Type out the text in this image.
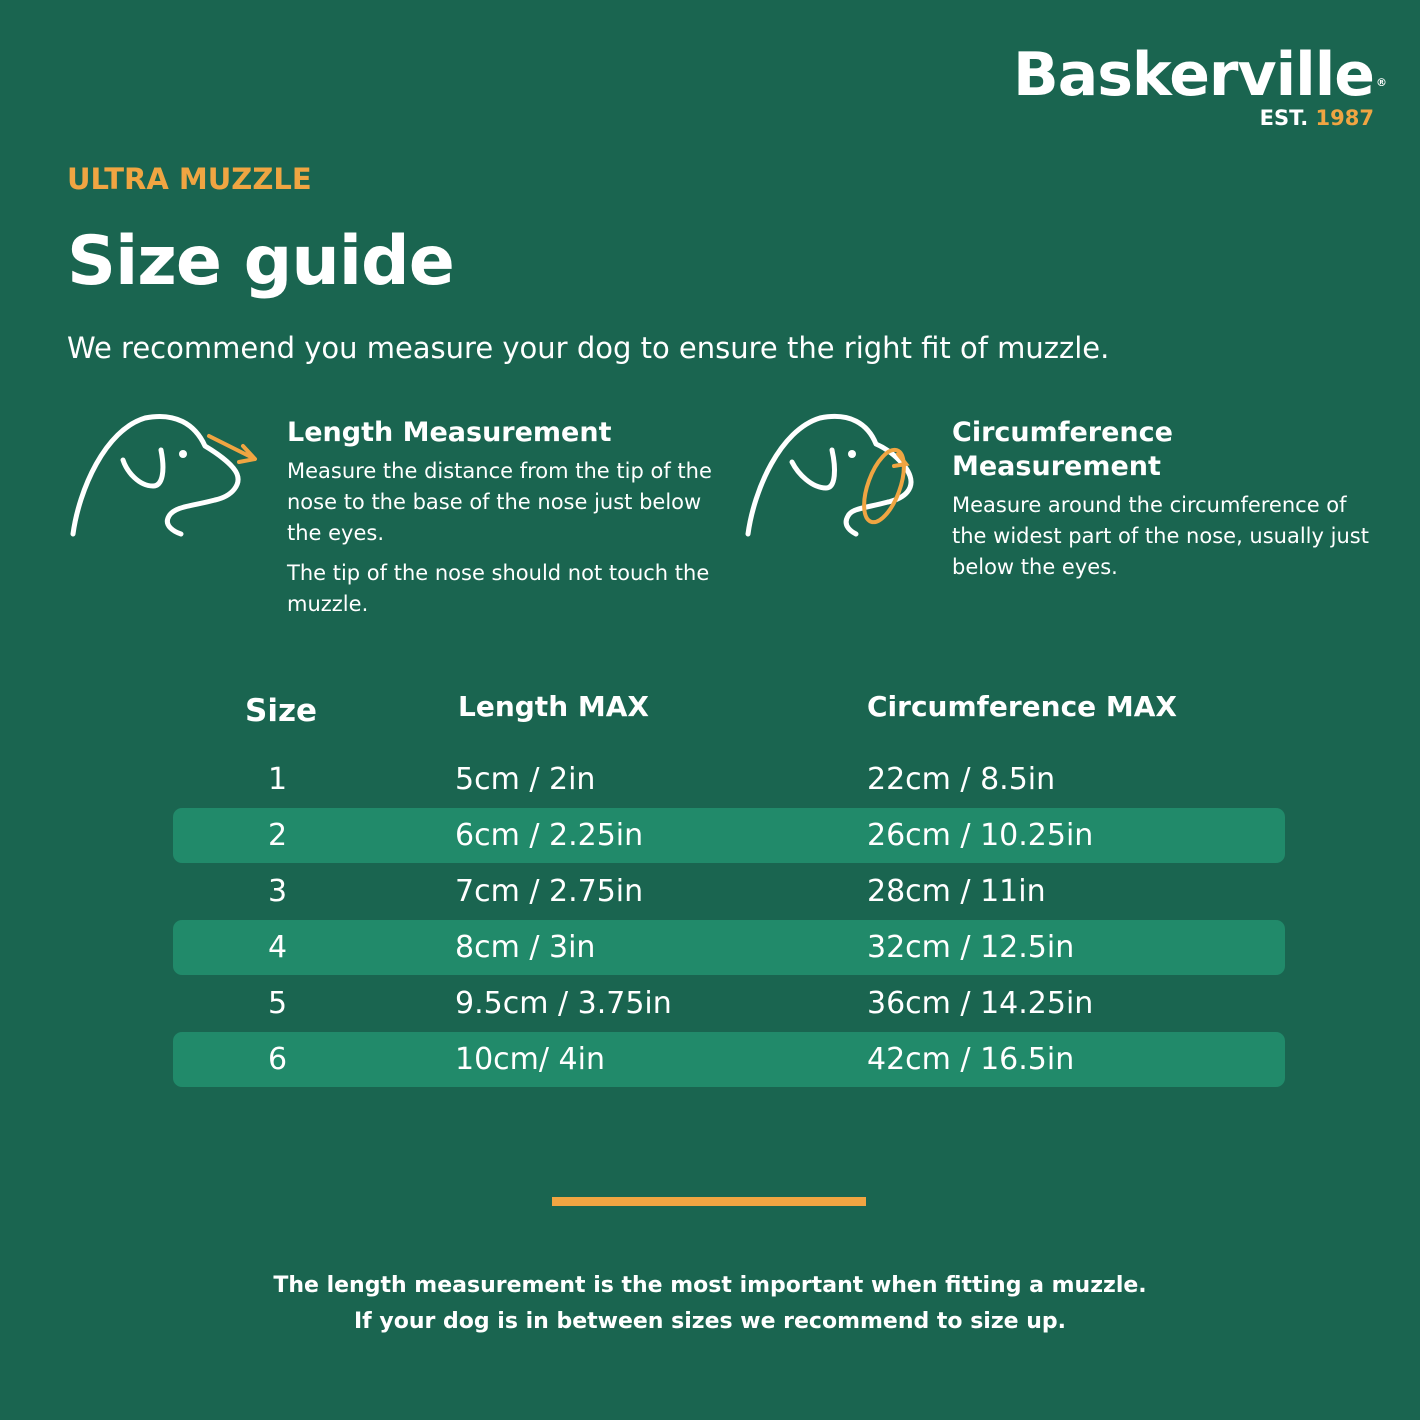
Baskerville ®
EST. 1987
ULTRA MUZZLE
Size guide
We recommend you measure your dog to ensure the right fit of muzzle.
Length Measurement

Measure the distance from the tip of the nose to the base of the nose just below the eyes.

The tip of the nose should not touch the muzzle.

Circumference Measurement

Measure around the circumference of the widest part of the nose, usually just below the eyes.

Size	Length MAX	Circumference MAX
1	5cm / 2in	22cm / 8.5in
2	6cm / 2.25in	26cm / 10.25in
3	7cm / 2.75in	28cm / 11in
4	8cm / 3in	32cm / 12.5in
5	9.5cm / 3.75in	36cm / 14.25in
6	10cm/ 4in	42cm / 16.5in
The length measurement is the most important when fitting a muzzle.
If your dog is in between sizes we recommend to size up.
